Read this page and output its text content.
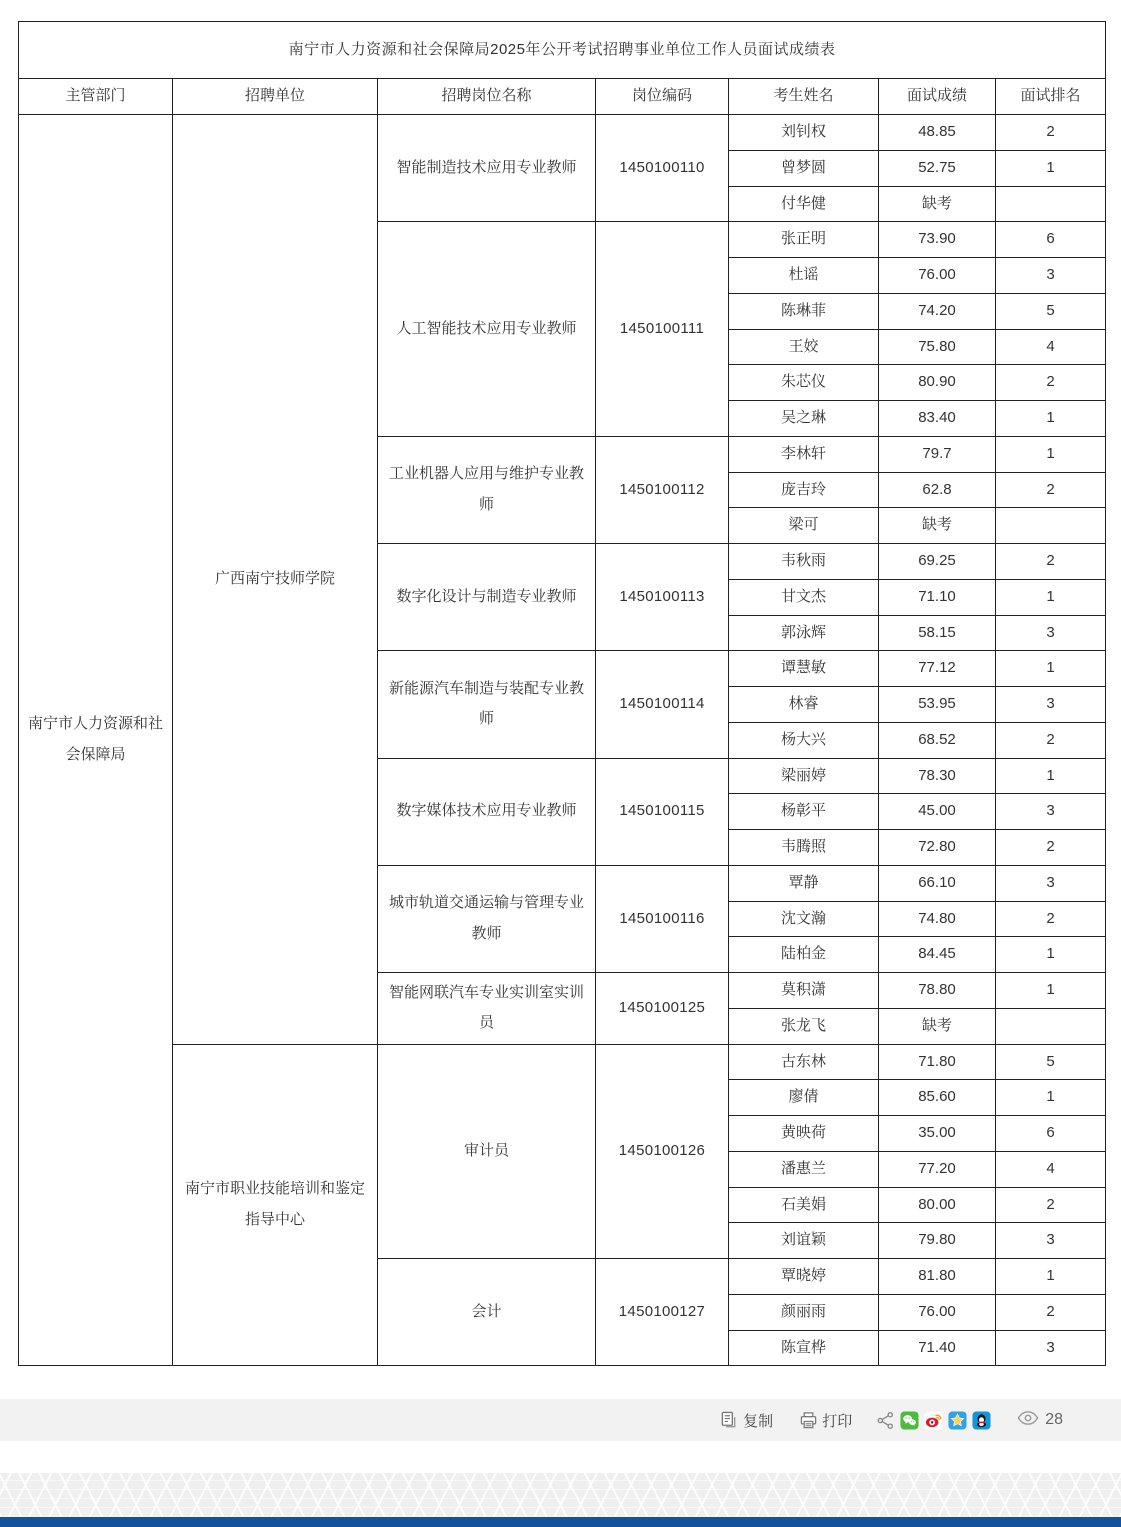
南宁市人力资源和社会保障局2025年公开考试招聘事业单位工作人员面试成绩表						
主管部门	招聘单位	招聘岗位名称	岗位编码	考生姓名	面试成绩	面试排名
南宁市人力资源和社会保障局	广西南宁技师学院	智能制造技术应用专业教师	1450100110	刘钊权	48.85	2
				曾梦圆	52.75	1
				付华健	缺考	
		人工智能技术应用专业教师	1450100111	张正明	73.90	6
				杜谣	76.00	3
				陈琳菲	74.20	5
				王姣	75.80	4
				朱芯仪	80.90	2
				吴之琳	83.40	1
		工业机器人应用与维护专业教师	1450100112	李林轩	79.7	1
				庞吉玲	62.8	2
				梁可	缺考	
		数字化设计与制造专业教师	1450100113	韦秋雨	69.25	2
				甘文杰	71.10	1
				郭泳辉	58.15	3
		新能源汽车制造与装配专业教师	1450100114	谭慧敏	77.12	1
				林睿	53.95	3
				杨大兴	68.52	2
		数字媒体技术应用专业教师	1450100115	梁丽婷	78.30	1
				杨彰平	45.00	3
				韦腾照	72.80	2
		城市轨道交通运输与管理专业教师	1450100116	覃静	66.10	3
				沈文瀚	74.80	2
				陆柏金	84.45	1
		智能网联汽车专业实训室实训员	1450100125	莫积潇	78.80	1
				张龙飞	缺考	
	南宁市职业技能培训和鉴定指导中心	审计员	1450100126	古东林	71.80	5
				廖倩	85.60	1
				黄映荷	35.00	6
				潘惠兰	77.20	4
				石美娟	80.00	2
				刘谊颖	79.80	3
		会计	1450100127	覃晓婷	81.80	1
				颜丽雨	76.00	2
				陈宣桦	71.40	3
复制	打印	28
